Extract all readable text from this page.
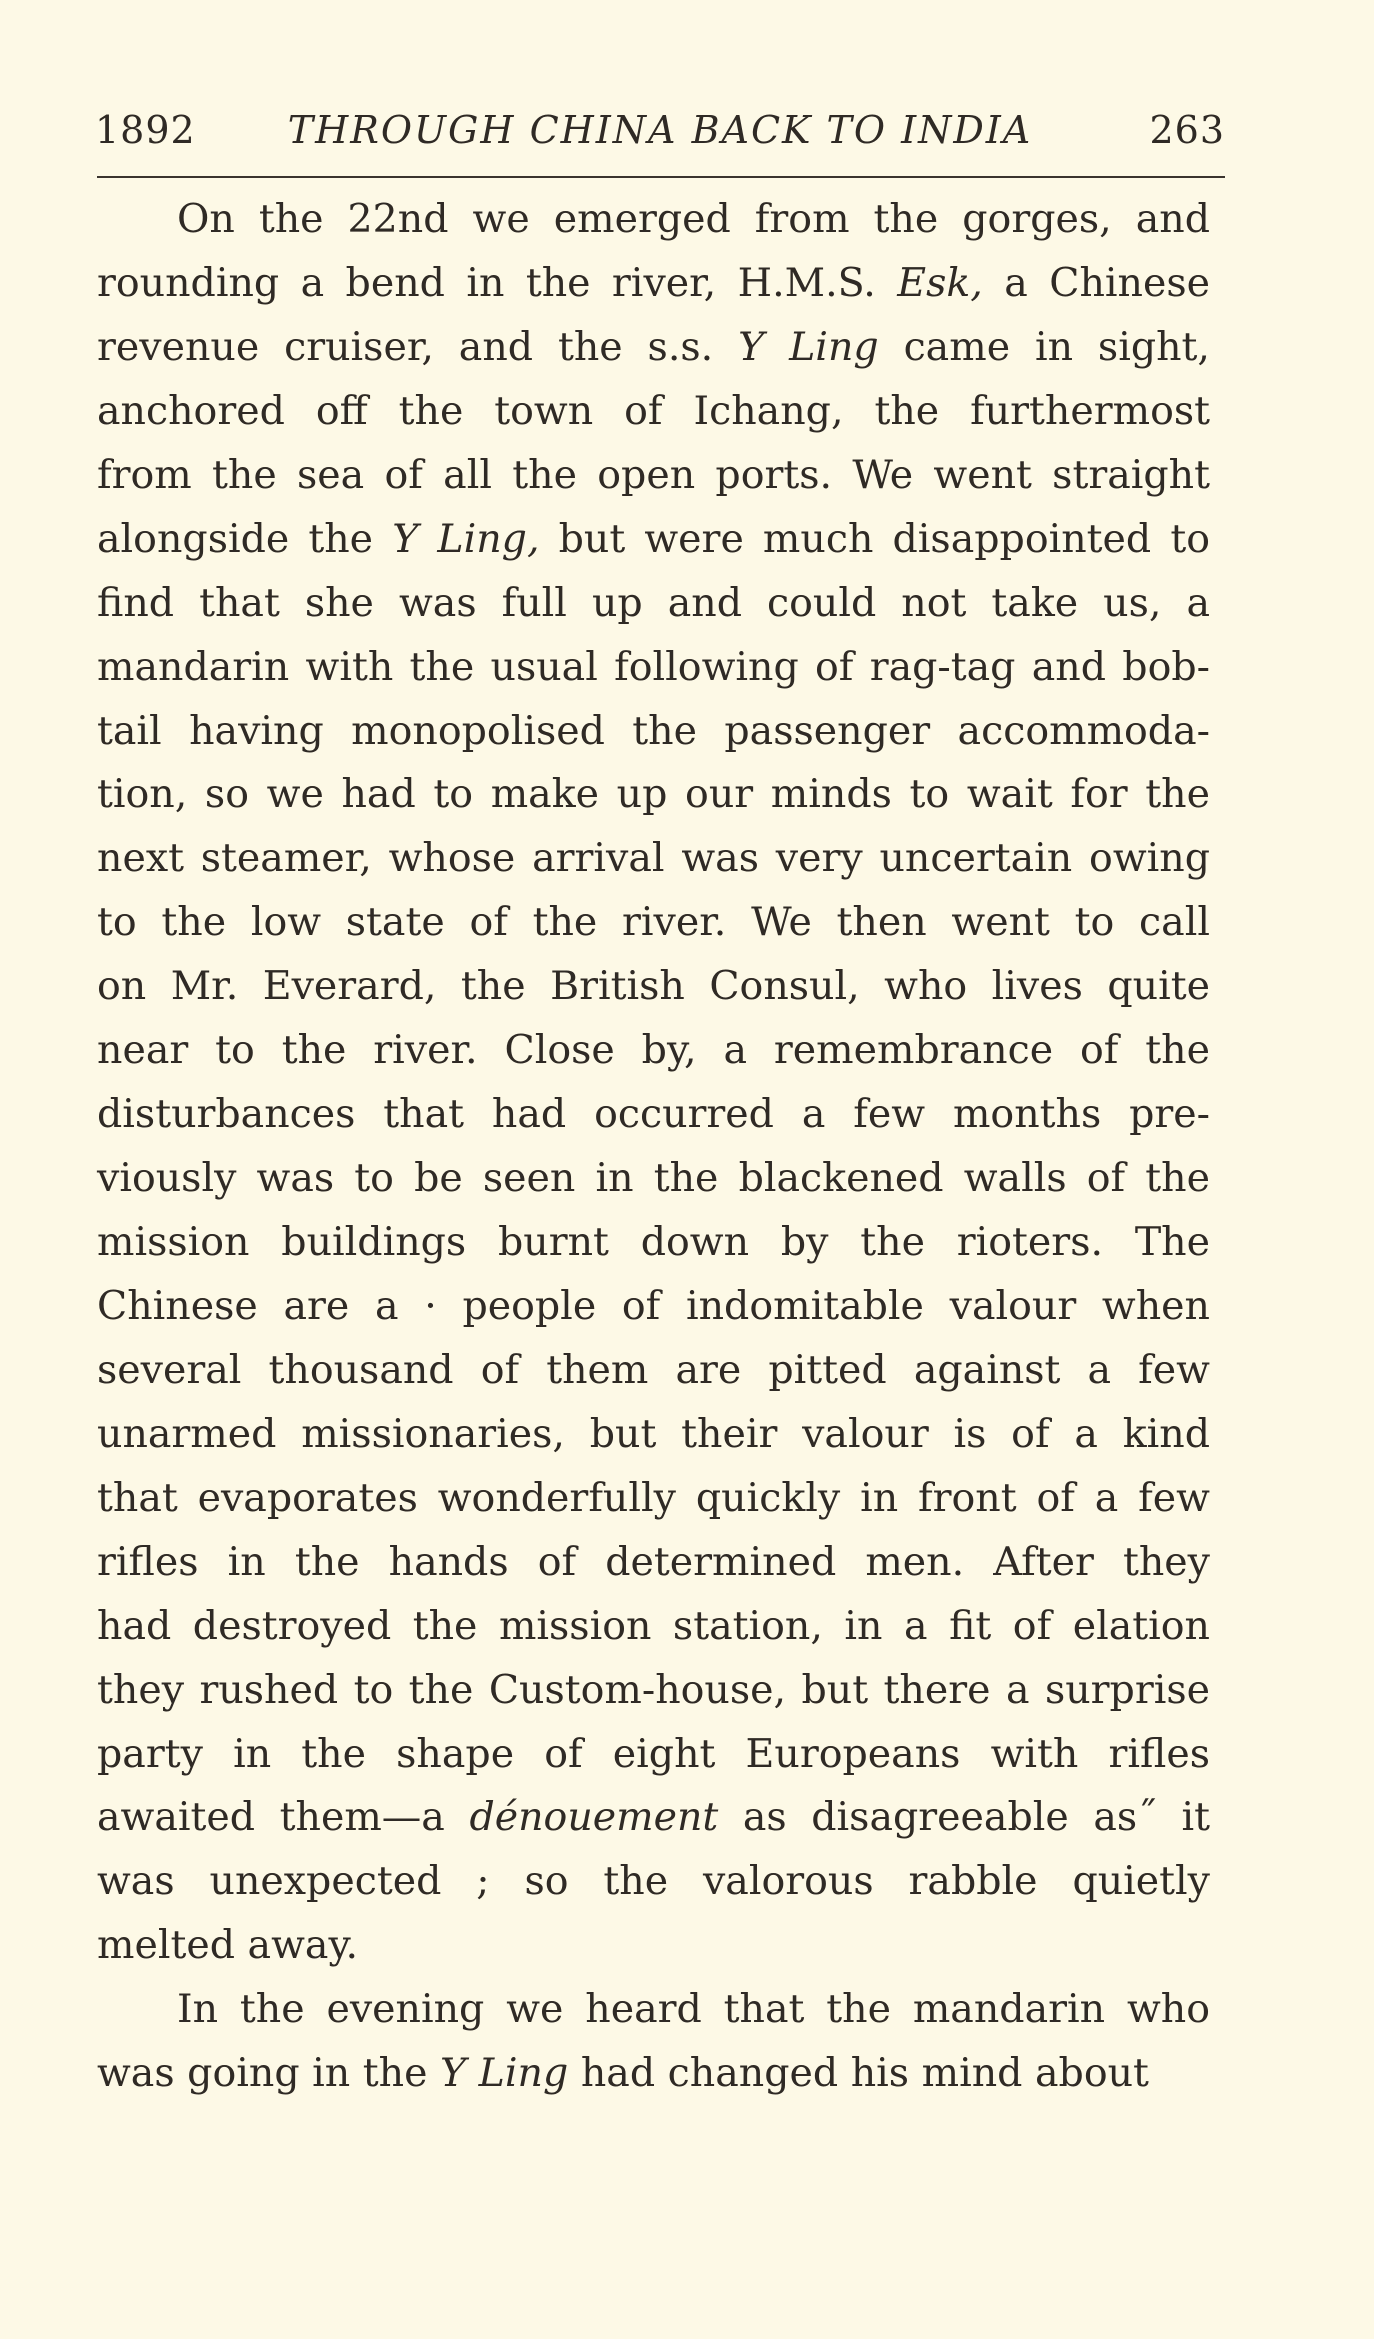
1892	THROUGH CHINA BACK TO INDIA	263
On the 22nd we emerged from the gorges, and
rounding a bend in the river, H.M.S. Esk, a Chinese
revenue cruiser, and the s.s. Y Ling came in sight,
anchored off the town of Ichang, the furthermost
from the sea of all the open ports. We went straight
alongside the Y Ling, but were much disappointed to
find that she was full up and could not take us, a
mandarin with the usual following of rag-tag and bob-
tail having monopolised the passenger accommoda-
tion, so we had to make up our minds to wait for the
next steamer, whose arrival was very uncertain owing
to the low state of the river. We then went to call
on Mr. Everard, the British Consul, who lives quite
near to the river. Close by, a remembrance of the
disturbances that had occurred a few months pre-
viously was to be seen in the blackened walls of the
mission buildings burnt down by the rioters. The
Chinese are a · people of indomitable valour when
several thousand of them are pitted against a few
unarmed missionaries, but their valour is of a kind
that evaporates wonderfully quickly in front of a few
rifles in the hands of determined men. After they
had destroyed the mission station, in a fit of elation
they rushed to the Custom-house, but there a surprise
party in the shape of eight Europeans with rifles
awaited them—a dénouement as disagreeable as˝ it
was unexpected ; so the valorous rabble quietly
melted away.
In the evening we heard that the mandarin who
was going in the Y Ling had changed his mind about
